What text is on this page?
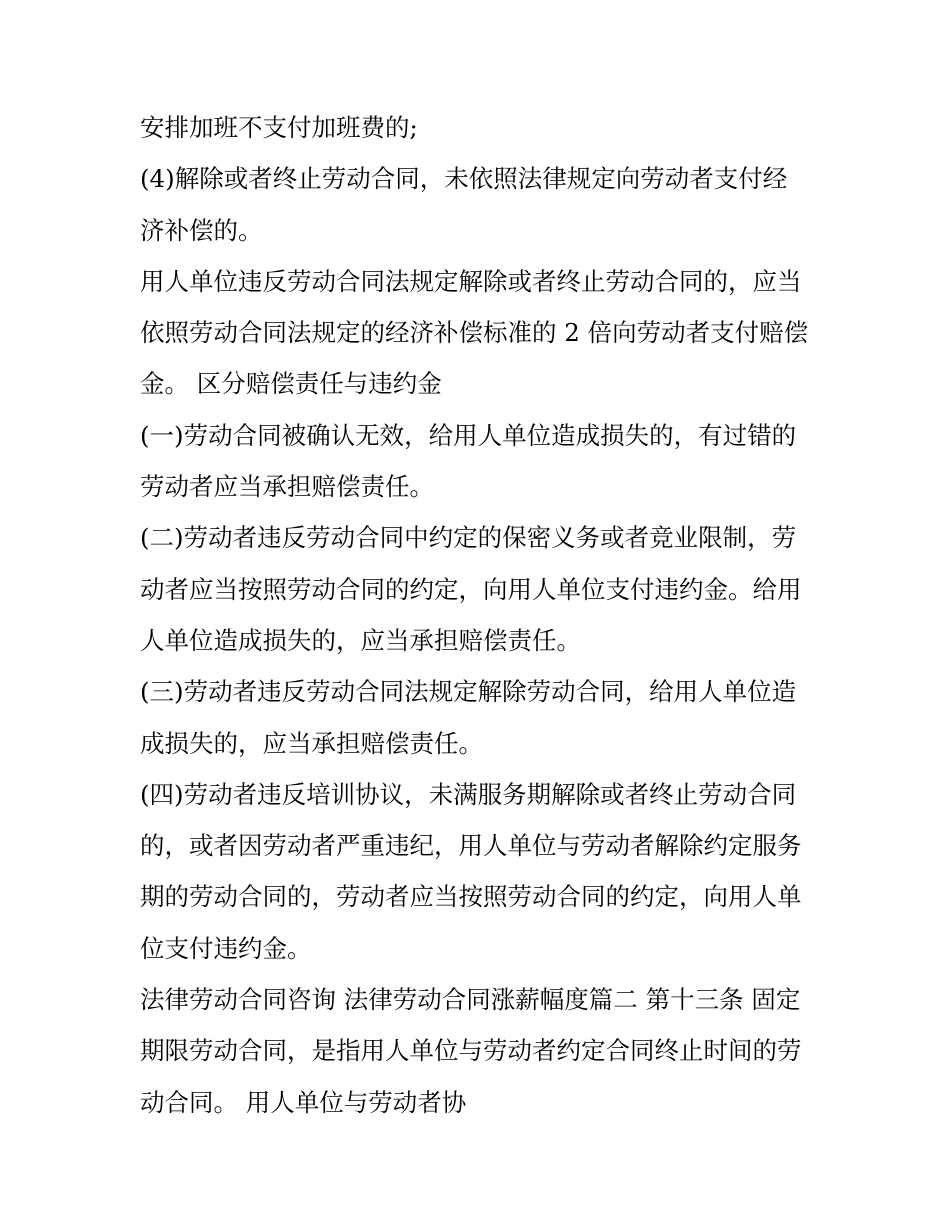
安排加班不支付加班费的;
(4)解除或者终止劳动合同，未依照法律规定向劳动者支付经
济补偿的。
用人单位违反劳动合同法规定解除或者终止劳动合同的，应当
依照劳动合同法规定的经济补偿标准的 2 倍向劳动者支付赔偿
金。 区分赔偿责任与违约金
(一)劳动合同被确认无效，给用人单位造成损失的，有过错的
劳动者应当承担赔偿责任。
(二)劳动者违反劳动合同中约定的保密义务或者竞业限制，劳
动者应当按照劳动合同的约定，向用人单位支付违约金。给用
人单位造成损失的，应当承担赔偿责任。
(三)劳动者违反劳动合同法规定解除劳动合同，给用人单位造
成损失的，应当承担赔偿责任。
(四)劳动者违反培训协议，未满服务期解除或者终止劳动合同
的，或者因劳动者严重违纪，用人单位与劳动者解除约定服务
期的劳动合同的，劳动者应当按照劳动合同的约定，向用人单
位支付违约金。
法律劳动合同咨询 法律劳动合同涨薪幅度篇二 第十三条 固定
期限劳动合同，是指用人单位与劳动者约定合同终止时间的劳
动合同。 用人单位与劳动者协
